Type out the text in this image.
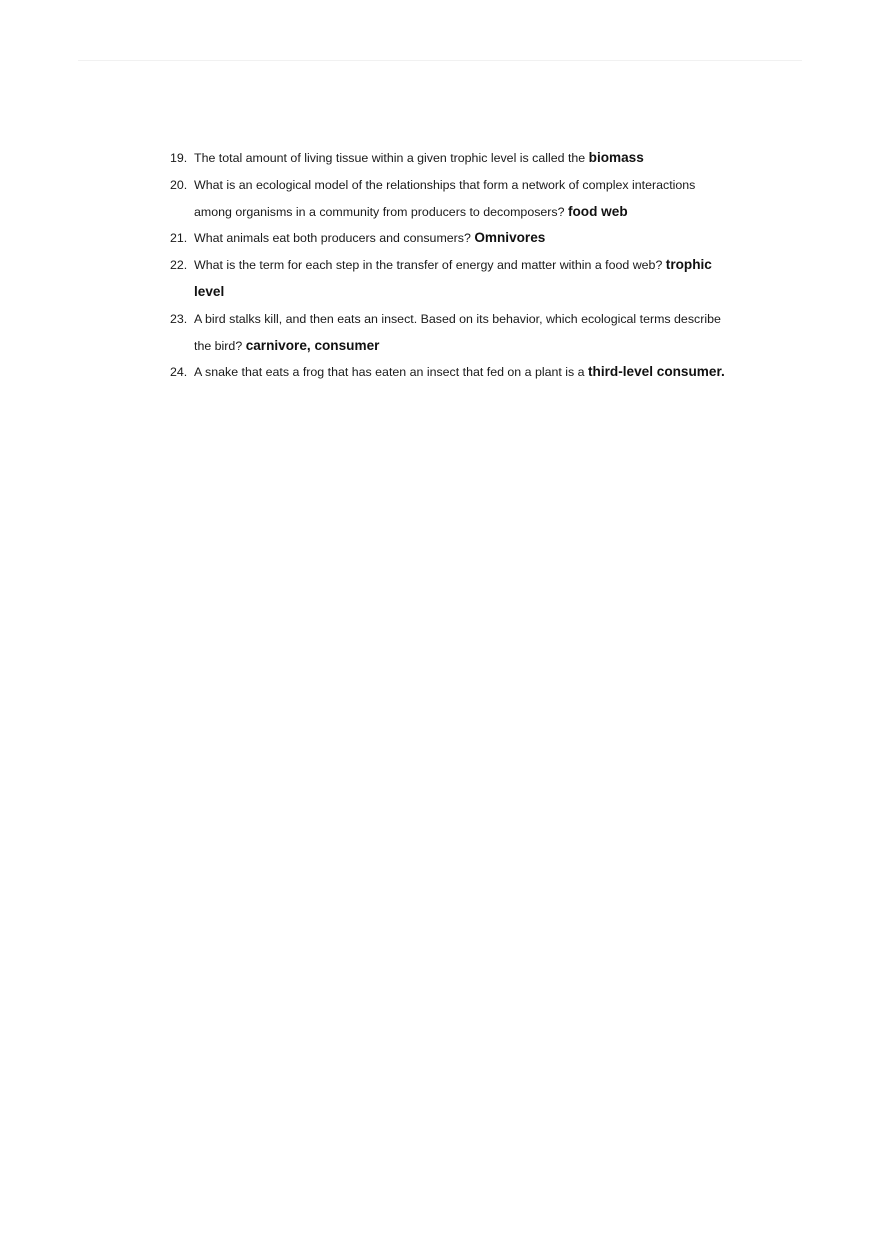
19. The total amount of living tissue within a given trophic level is called the biomass
20. What is an ecological model of the relationships that form a network of complex interactions among organisms in a community from producers to decomposers? food web
21. What animals eat both producers and consumers? Omnivores
22. What is the term for each step in the transfer of energy and matter within a food web? trophic level
23. A bird stalks kill, and then eats an insect. Based on its behavior, which ecological terms describe the bird? carnivore, consumer
24. A snake that eats a frog that has eaten an insect that fed on a plant is a third-level consumer.
